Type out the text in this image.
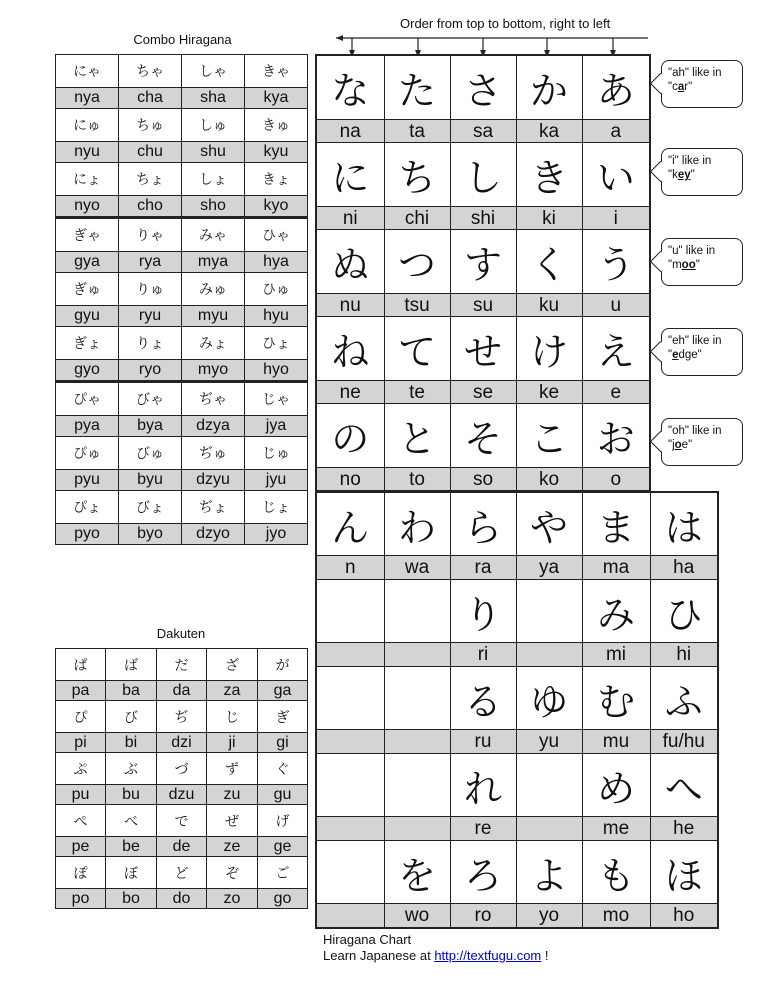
Combo Hiragana
にゃ	ちゃ	しゃ	きゃ
nya	cha	sha	kya
にゅ	ちゅ	しゅ	きゅ
nyu	chu	shu	kyu
にょ	ちょ	しょ	きょ
nyo	cho	sho	kyo
ぎゃ	りゃ	みゃ	ひゃ
gya	rya	mya	hya
ぎゅ	りゅ	みゅ	ひゅ
gyu	ryu	myu	hyu
ぎょ	りょ	みょ	ひょ
gyo	ryo	myo	hyo
ぴゃ	びゃ	ぢゃ	じゃ
pya	bya	dzya	jya
ぴゅ	びゅ	ぢゅ	じゅ
pyu	byu	dzyu	jyu
ぴょ	びょ	ぢょ	じょ
pyo	byo	dzyo	jyo
Dakuten
ぱ	ば	だ	ざ	が
pa	ba	da	za	ga
ぴ	び	ぢ	じ	ぎ
pi	bi	dzi	ji	gi
ぷ	ぶ	づ	ず	ぐ
pu	bu	dzu	zu	gu
ぺ	べ	で	ぜ	げ
pe	be	de	ze	ge
ぽ	ぼ	ど	ぞ	ご
po	bo	do	zo	go
Order from top to bottom, right to left
な	た	さ	か	あ
na	ta	sa	ka	a
に	ち	し	き	い
ni	chi	shi	ki	i
ぬ	つ	す	く	う
nu	tsu	su	ku	u
ね	て	せ	け	え
ne	te	se	ke	e
の	と	そ	こ	お
no	to	so	ko	o
"ah" like in "car"
"i" like in "key"
"u" like in "moo"
"eh" like in "edge"
"oh" like in "joe"
ん	わ	ら	や	ま	は
n	wa	ra	ya	ma	ha
		り		み	ひ
		ri		mi	hi
		る	ゆ	む	ふ
		ru	yu	mu	fu/hu
		れ		め	へ
		re		me	he
	を	ろ	よ	も	ほ
	wo	ro	yo	mo	ho
Hiragana Chart
Learn Japanese at http://textfugu.com !
